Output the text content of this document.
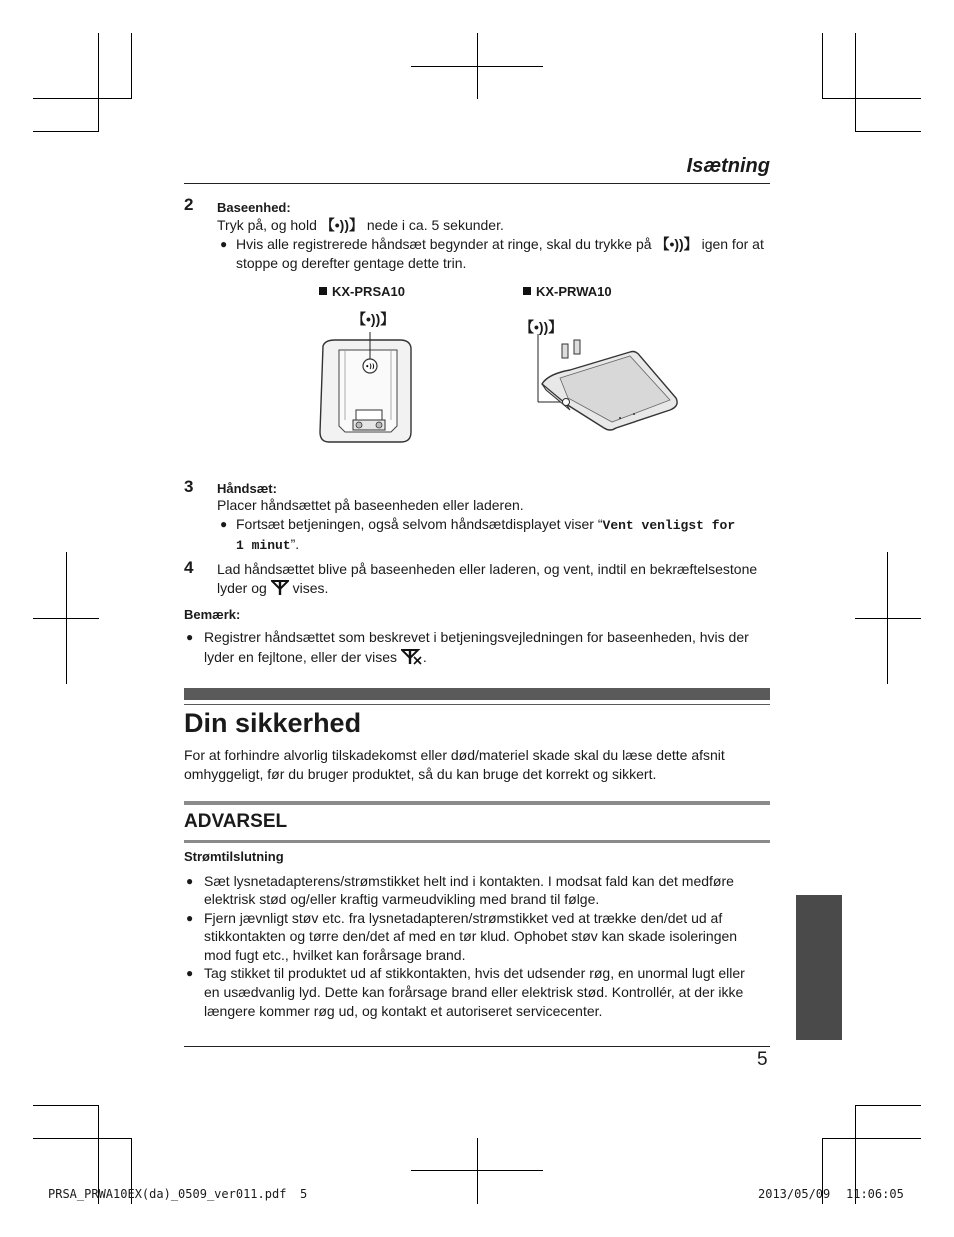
Isætning
2 Baseenhed:
Tryk på, og hold 【•))】 nede i ca. 5 sekunder.
● Hvis alle registrerede håndsæt begynder at ringe, skal du trykke på 【•))】 igen for at
stoppe og derefter gentage dette trin.
KX-PRSA10	KX-PRWA10
【•))】	【•))】
•))
3 Håndsæt:
Placer håndsættet på baseenheden eller laderen.
● Fortsæt betjeningen, også selvom håndsætdisplayet viser “Vent venligst for
1 minut”.
4 Lad håndsættet blive på baseenheden eller laderen, og vent, indtil en bekræftelsestone
lyder og vises.
Bemærk:
● Registrer håndsættet som beskrevet i betjeningsvejledningen for baseenheden, hvis der
lyder en fejltone, eller der vises .
Din sikkerhed
For at forhindre alvorlig tilskadekomst eller død/materiel skade skal du læse dette afsnit
omhyggeligt, før du bruger produktet, så du kan bruge det korrekt og sikkert.
ADVARSEL
Strømtilslutning
● Sæt lysnetadapterens/strømstikket helt ind i kontakten. I modsat fald kan det medføre
elektrisk stød og/eller kraftig varmeudvikling med brand til følge.
● Fjern jævnligt støv etc. fra lysnetadapteren/strømstikket ved at trække den/det ud af
stikkontakten og tørre den/det af med en tør klud. Ophobet støv kan skade isoleringen
mod fugt etc., hvilket kan forårsage brand.
● Tag stikket til produktet ud af stikkontakten, hvis det udsender røg, en unormal lugt eller
en usædvanlig lyd. Dette kan forårsage brand eller elektrisk stød. Kontrollér, at der ikke
længere kommer røg ud, og kontakt et autoriseret servicecenter.
5
PRSA_PRWA10EX(da)_0509_ver011.pdf 5	2013/05/09 11:06:05
